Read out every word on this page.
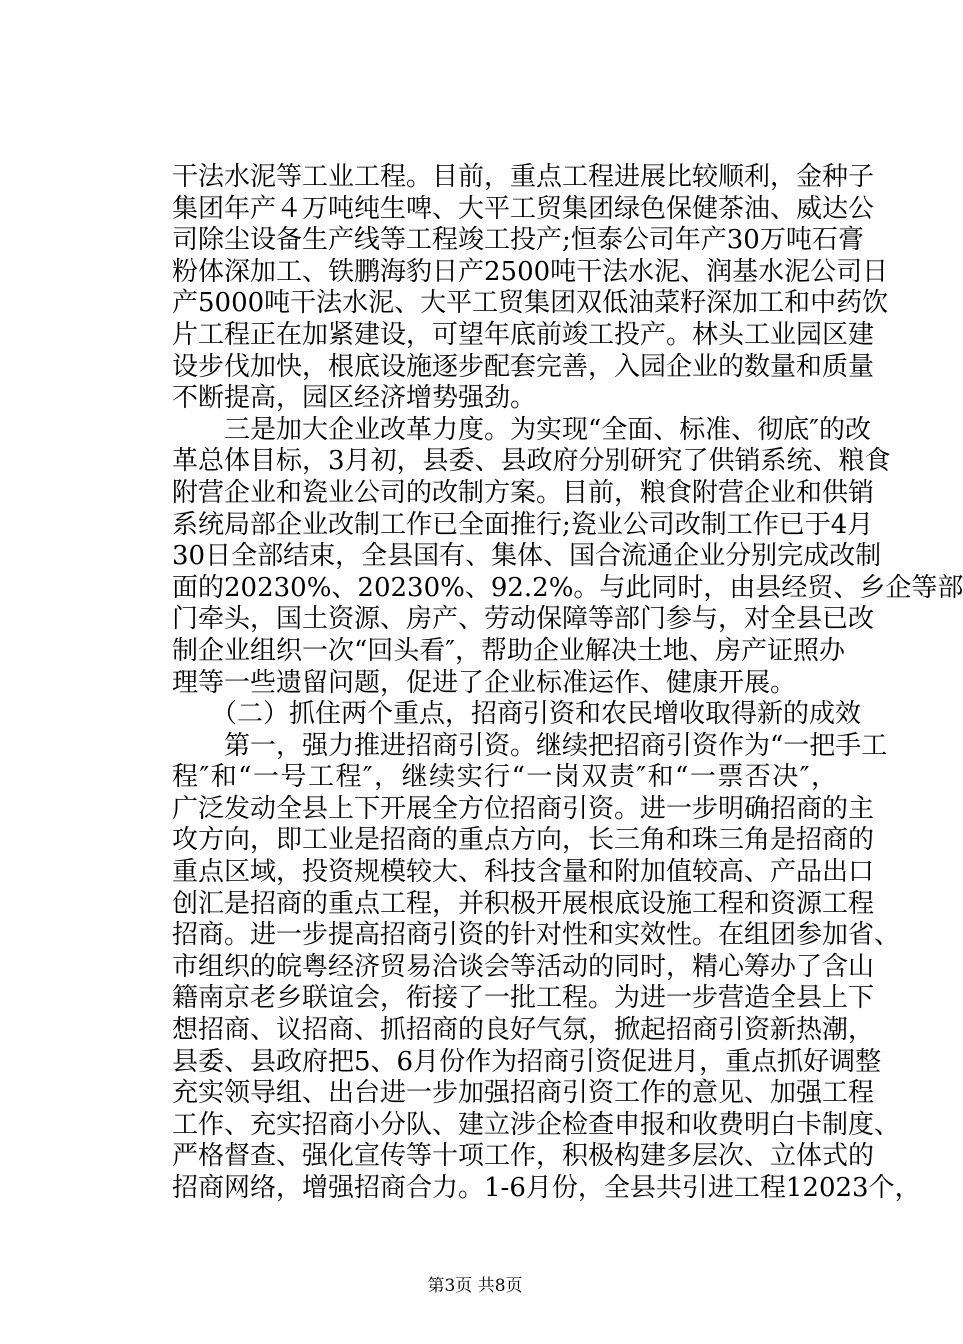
干法水泥等工业工程。目前，重点工程进展比较顺利，金种子
集团年产４万吨纯生啤、大平工贸集团绿色保健茶油、威达公
司除尘设备生产线等工程竣工投产;恒泰公司年产30万吨石膏
粉体深加工、铁鹏海豹日产2500吨干法水泥、润基水泥公司日
产5000吨干法水泥、大平工贸集团双低油菜籽深加工和中药饮
片工程正在加紧建设，可望年底前竣工投产。林头工业园区建
设步伐加快，根底设施逐步配套完善，入园企业的数量和质量
不断提高，园区经济增势强劲。
　　三是加大企业改革力度。为实现“全面、标准、彻底″的改
革总体目标，3月初，县委、县政府分别研究了供销系统、粮食
附营企业和瓷业公司的改制方案。目前，粮食附营企业和供销
系统局部企业改制工作已全面推行;瓷业公司改制工作已于4月
30日全部结束，全县国有、集体、国合流通企业分别完成改制
面的20230%、20230%、92.2%。与此同时，由县经贸、乡企等部
门牵头，国土资源、房产、劳动保障等部门参与，对全县已改
制企业组织一次“回头看″，帮助企业解决土地、房产证照办
理等一些遗留问题，促进了企业标准运作、健康开展。
　　（二）抓住两个重点，招商引资和农民增收取得新的成效
　　第一，强力推进招商引资。继续把招商引资作为“一把手工
程″和“一号工程″，继续实行“一岗双责″和“一票否决″，
广泛发动全县上下开展全方位招商引资。进一步明确招商的主
攻方向，即工业是招商的重点方向，长三角和珠三角是招商的
重点区域，投资规模较大、科技含量和附加值较高、产品出口
创汇是招商的重点工程，并积极开展根底设施工程和资源工程
招商。进一步提高招商引资的针对性和实效性。在组团参加省、
市组织的皖粤经济贸易洽谈会等活动的同时，精心筹办了含山
籍南京老乡联谊会，衔接了一批工程。为进一步营造全县上下
想招商、议招商、抓招商的良好气氛，掀起招商引资新热潮，
县委、县政府把5、6月份作为招商引资促进月，重点抓好调整
充实领导组、出台进一步加强招商引资工作的意见、加强工程
工作、充实招商小分队、建立涉企检查申报和收费明白卡制度、
严格督查、强化宣传等十项工作，积极构建多层次、立体式的
招商网络，增强招商合力。1-6月份，全县共引进工程12023个，
第3页 共8页
